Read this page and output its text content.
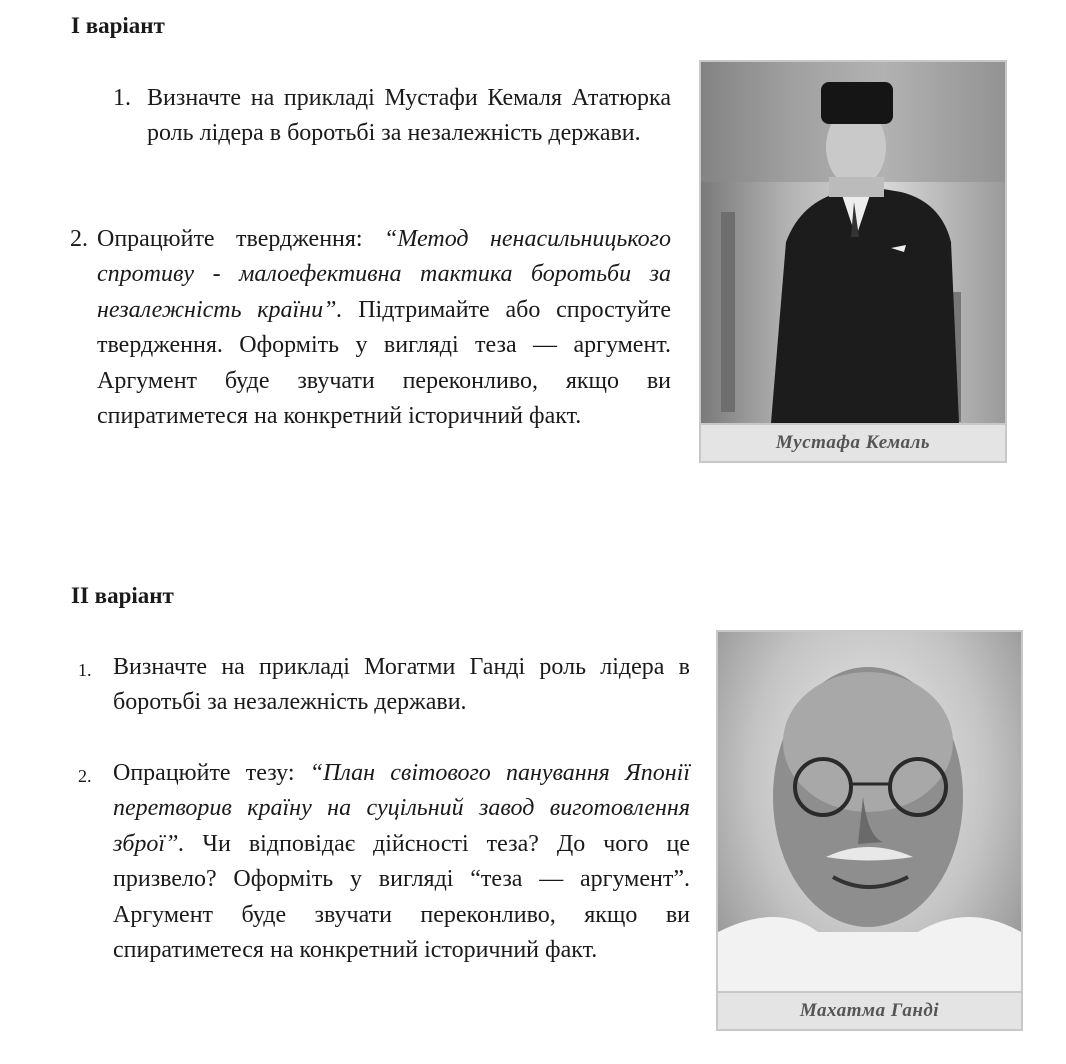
I варіант
1. Визначте на прикладі Мустафи Кемаля Ататюрка роль лідера в боротьбі за незалежність держави.
2. Опрацюйте твердження: “Метод ненасильницького спротиву - малоефективна тактика боротьби за незалежність країни”. Підтримайте або спростуйте твердження. Оформіть у вигляді теза — аргумент. Аргумент буде звучати переконливо, якщо ви спиратиметеся на конкретний історичний факт.
Мустафа Кемаль
II варіант
1. Визначте на прикладі Могатми Ганді роль лідера в боротьбі за незалежність держави.
2. Опрацюйте тезу: “План світового панування Японії перетворив країну на суцільний завод виготовлення зброї”. Чи відповідає дійсності теза? До чого це призвело? Оформіть у вигляді “теза — аргумент”. Аргумент буде звучати переконливо, якщо ви спиратиметеся на конкретний історичний факт.
Махатма Ганді
